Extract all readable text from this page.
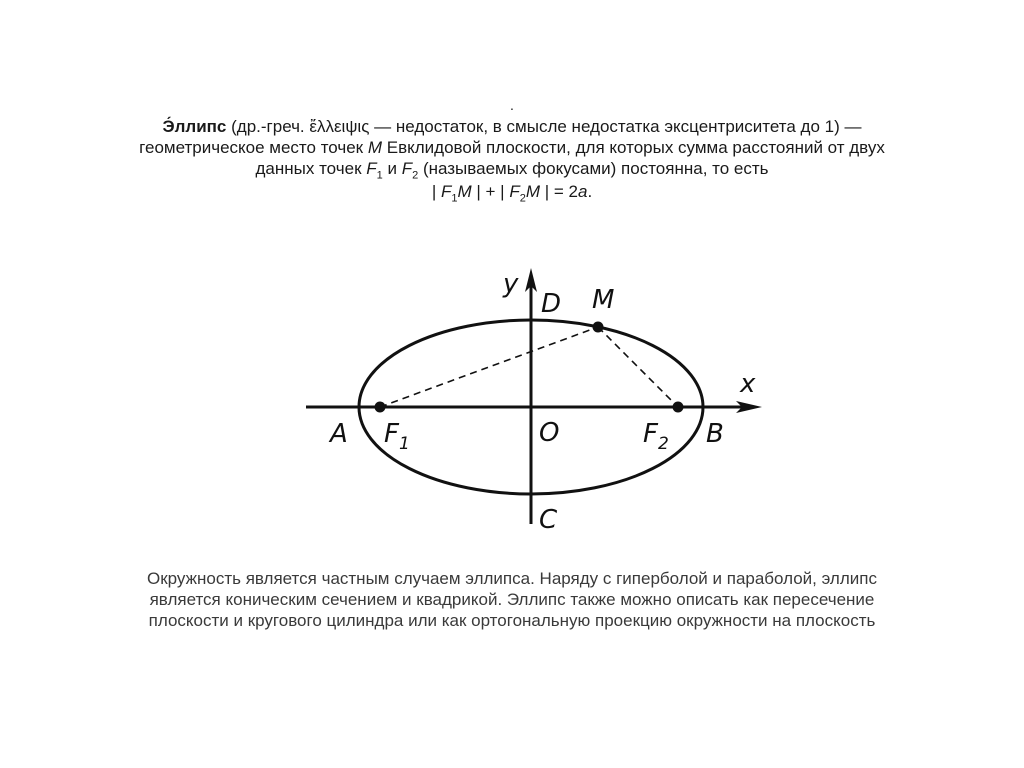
.

Э́ллипс (др.-греч. ἔλλειψις — недостаток, в смысле недостатка эксцентриситета до 1) — геометрическое место точек M Евклидовой плоскости, для которых сумма расстояний от двух данных точек $F_1$ и $F_2$ (называемых фокусами) постоянна, то есть

| $F_1M$ | + | $F_2M$ | = 2a.

y
x
D M
A $F_1$	O	$F_2$ B
C
Окружность является частным случаем эллипса. Наряду с гиперболой и параболой, эллипс является коническим сечением и квадрикой. Эллипс также можно описать как пересечение плоскости и кругового цилиндра или как ортогональную проекцию окружности на плоскость
